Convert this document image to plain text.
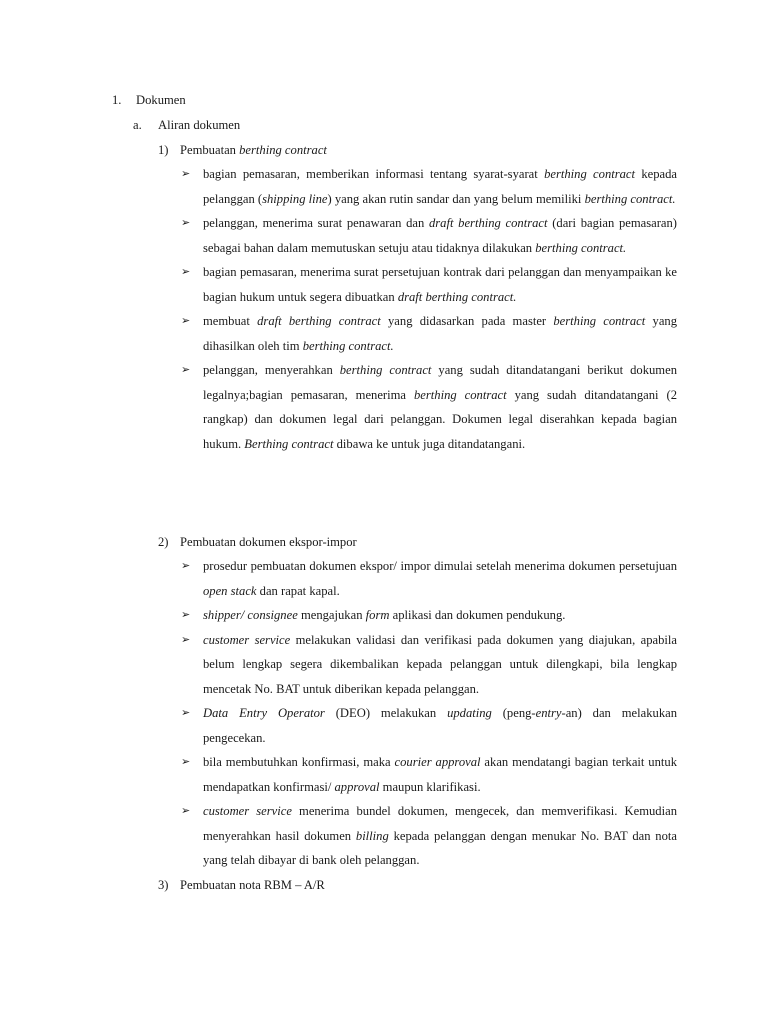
1. Dokumen
a. Aliran dokumen
1) Pembuatan berthing contract
➢ bagian pemasaran, memberikan informasi tentang syarat-syarat berthing contract kepada pelanggan (shipping line) yang akan rutin sandar dan yang belum memiliki berthing contract.
➢ pelanggan, menerima surat penawaran dan draft berthing contract (dari bagian pemasaran) sebagai bahan dalam memutuskan setuju atau tidaknya dilakukan berthing contract.
➢ bagian pemasaran, menerima surat persetujuan kontrak dari pelanggan dan menyampaikan ke bagian hukum untuk segera dibuatkan draft berthing contract.
➢ membuat draft berthing contract yang didasarkan pada master berthing contract yang dihasilkan oleh tim berthing contract.
➢ pelanggan, menyerahkan berthing contract yang sudah ditandatangani berikut dokumen legalnya;bagian pemasaran, menerima berthing contract yang sudah ditandatangani (2 rangkap) dan dokumen legal dari pelanggan. Dokumen legal diserahkan kepada bagian hukum. Berthing contract dibawa ke untuk juga ditandatangani.
2) Pembuatan dokumen ekspor-impor
➢ prosedur pembuatan dokumen ekspor/ impor dimulai setelah menerima dokumen persetujuan open stack dan rapat kapal.
➢ shipper/ consignee mengajukan form aplikasi dan dokumen pendukung.
➢ customer service melakukan validasi dan verifikasi pada dokumen yang diajukan, apabila belum lengkap segera dikembalikan kepada pelanggan untuk dilengkapi, bila lengkap mencetak No. BAT untuk diberikan kepada pelanggan.
➢ Data Entry Operator (DEO) melakukan updating (peng-entry-an) dan melakukan pengecekan.
➢ bila membutuhkan konfirmasi, maka courier approval akan mendatangi bagian terkait untuk mendapatkan konfirmasi/ approval maupun klarifikasi.
➢ customer service menerima bundel dokumen, mengecek, dan memverifikasi. Kemudian menyerahkan hasil dokumen billing kepada pelanggan dengan menukar No. BAT dan nota yang telah dibayar di bank oleh pelanggan.
3) Pembuatan nota RBM – A/R
